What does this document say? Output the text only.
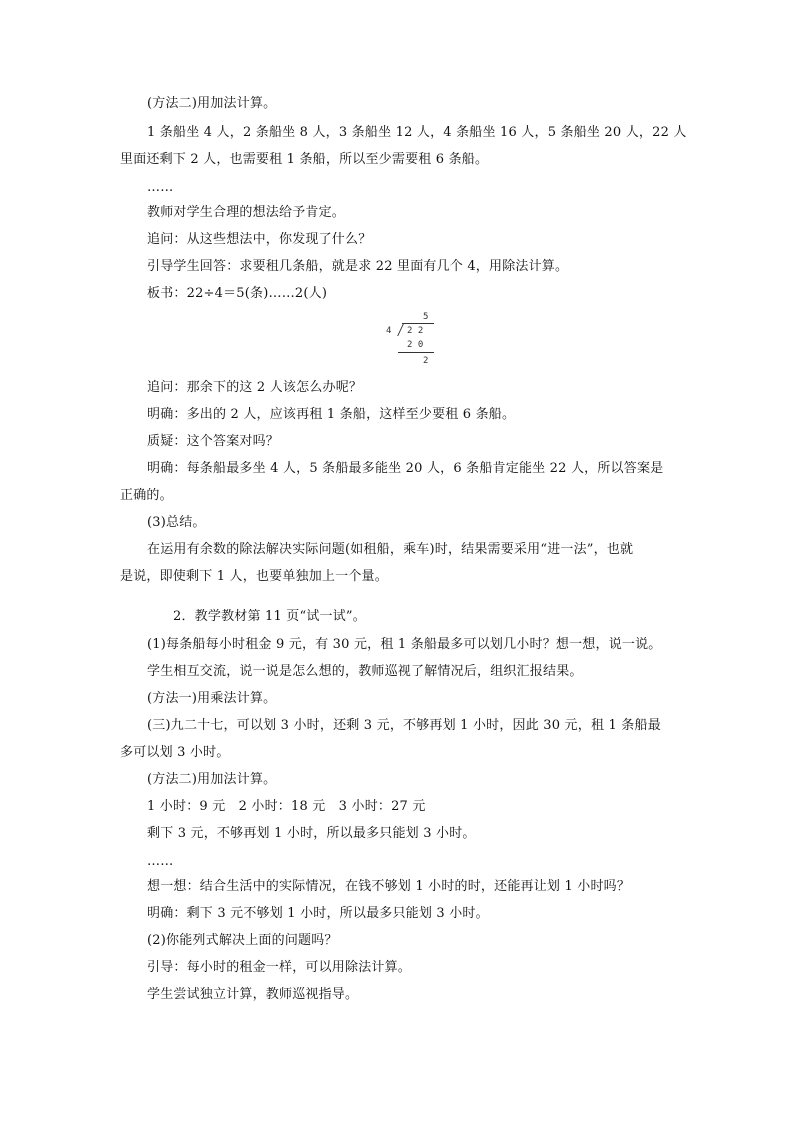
(方法二)用加法计算。
1 条船坐 4 人，2 条船坐 8 人，3 条船坐 12 人，4 条船坐 16 人，5 条船坐 20 人，22 人
里面还剩下 2 人，也需要租 1 条船，所以至少需要租 6 条船。
……
教师对学生合理的想法给予肯定。
追问：从这些想法中，你发现了什么？
引导学生回答：求要租几条船，就是求 22 里面有几个 4，用除法计算。
板书：22÷4＝5(条)……2(人)
5
4 2 2
2 0
2
追问：那余下的这 2 人该怎么办呢？
明确：多出的 2 人，应该再租 1 条船，这样至少要租 6 条船。
质疑：这个答案对吗？
明确：每条船最多坐 4 人，5 条船最多能坐 20 人，6 条船肯定能坐 22 人，所以答案是
正确的。
(3)总结。
在运用有余数的除法解决实际问题(如租船，乘车)时，结果需要采用“进一法”，也就
是说，即使剩下 1 人，也要单独加上一个量。
2．教学教材第 11 页“试一试”。
(1)每条船每小时租金 9 元，有 30 元，租 1 条船最多可以划几小时？想一想，说一说。
学生相互交流，说一说是怎么想的，教师巡视了解情况后，组织汇报结果。
(方法一)用乘法计算。
(三)九二十七，可以划 3 小时，还剩 3 元，不够再划 1 小时，因此 30 元，租 1 条船最
多可以划 3 小时。
(方法二)用加法计算。
1 小时：9 元　2 小时：18 元　3 小时：27 元
剩下 3 元，不够再划 1 小时，所以最多只能划 3 小时。
……
想一想：结合生活中的实际情况，在钱不够划 1 小时的时，还能再让划 1 小时吗？
明确：剩下 3 元不够划 1 小时，所以最多只能划 3 小时。
(2)你能列式解决上面的问题吗？
引导：每小时的租金一样，可以用除法计算。
学生尝试独立计算，教师巡视指导。
